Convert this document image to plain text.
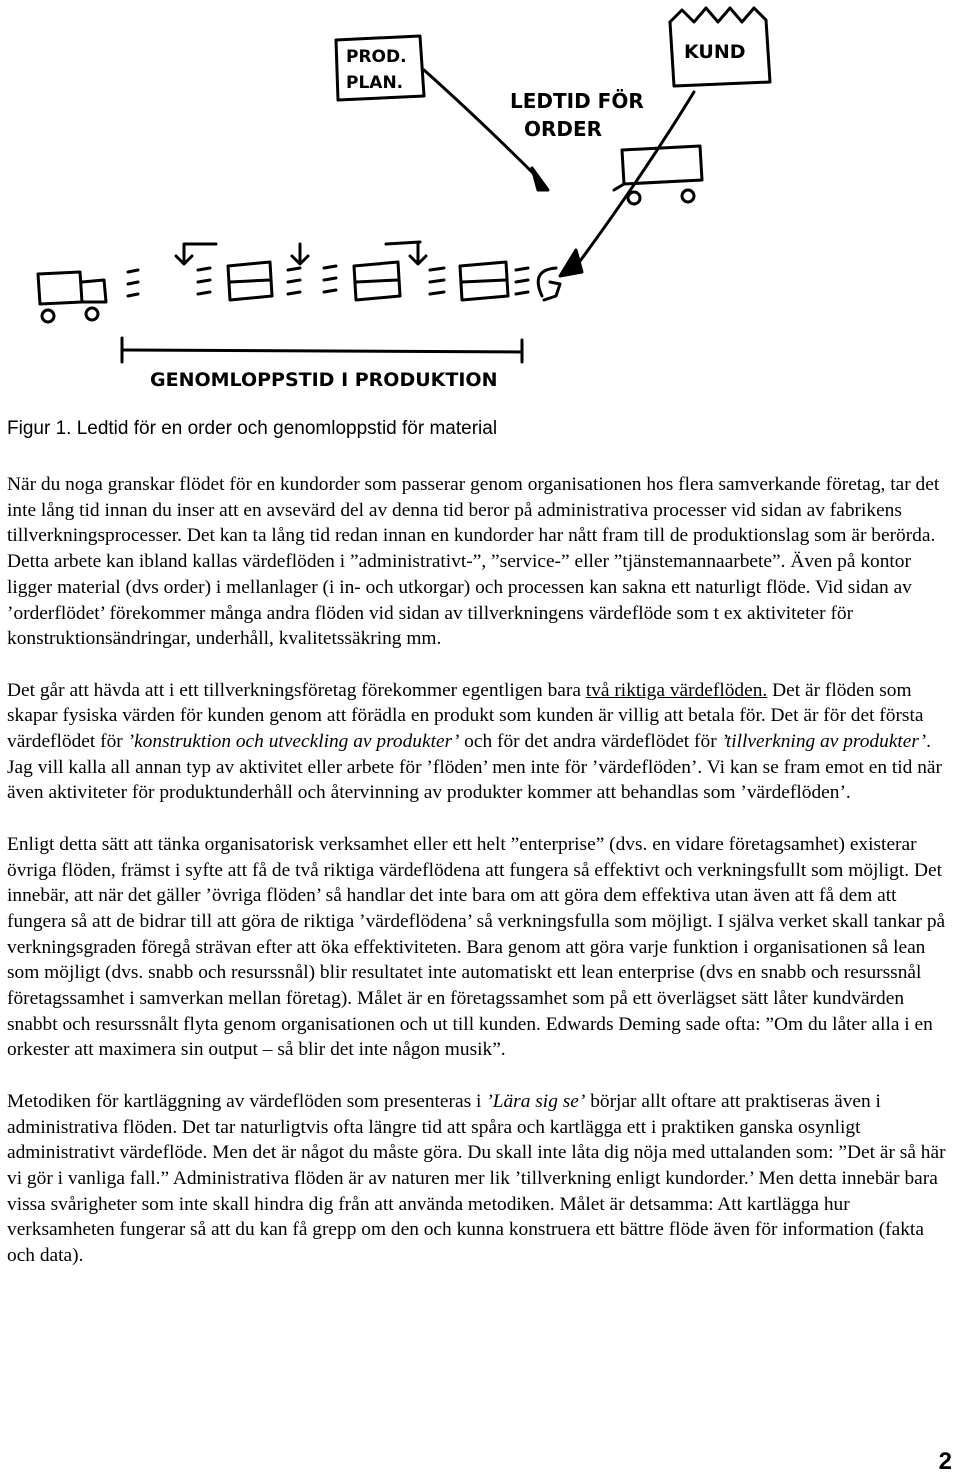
PROD.
PLAN.
KUND
LEDTID FÖR
ORDER
GENOMLOPPSTID I PRODUKTION
Figur 1. Ledtid för en order och genomloppstid för material

När du noga granskar flödet för en kundorder som passerar genom organisationen hos flera samverkande företag, tar det inte lång tid innan du inser att en avsevärd del av denna tid beror på administrativa processer vid sidan av fabrikens tillverkningsprocesser. Det kan ta lång tid redan innan en kundorder har nått fram till de produktionslag som är berörda. Detta arbete kan ibland kallas värdeflöden i ”administrativt-”, ”service-” eller ”tjänstemannaarbete”. Även på kontor ligger material (dvs order) i mellanlager (i in- och utkorgar) och processen kan sakna ett naturligt flöde. Vid sidan av ’orderflödet’ förekommer många andra flöden vid sidan av tillverkningens värdeflöde som t ex aktiviteter för konstruktionsändringar, underhåll, kvalitetssäkring mm.

Det går att hävda att i ett tillverkningsföretag förekommer egentligen bara två riktiga värdeflöden. Det är flöden som skapar fysiska värden för kunden genom att förädla en produkt som kunden är villig att betala för. Det är för det första värdeflödet för ’konstruktion och utveckling av produkter’ och för det andra värdeflödet för ’tillverkning av produkter’. Jag vill kalla all annan typ av aktivitet eller arbete för ’flöden’ men inte för ’värdeflöden’. Vi kan se fram emot en tid när även aktiviteter för produktunderhåll och återvinning av produkter kommer att behandlas som ’värdeflöden’.

Enligt detta sätt att tänka organisatorisk verksamhet eller ett helt ”enterprise” (dvs. en vidare företagsamhet) existerar övriga flöden, främst i syfte att få de två riktiga värdeflödena att fungera så effektivt och verkningsfullt som möjligt. Det innebär, att när det gäller ’övriga flöden’ så handlar det inte bara om att göra dem effektiva utan även att få dem att fungera så att de bidrar till att göra de riktiga ’värdeflödena’ så verkningsfulla som möjligt. I själva verket skall tankar på verkningsgraden föregå strävan efter att öka effektiviteten. Bara genom att göra varje funktion i organisationen så lean som möjligt (dvs. snabb och resurssnål) blir resultatet inte automatiskt ett lean enterprise (dvs en snabb och resurssnål företagssamhet i samverkan mellan företag). Målet är en företagssamhet som på ett överlägset sätt låter kundvärden snabbt och resurssnålt flyta genom organisationen och ut till kunden. Edwards Deming sade ofta: ”Om du låter alla i en orkester att maximera sin output – så blir det inte någon musik”.

Metodiken för kartläggning av värdeflöden som presenteras i ’Lära sig se’ börjar allt oftare att praktiseras även i administrativa flöden. Det tar naturligtvis ofta längre tid att spåra och kartlägga ett i praktiken ganska osynligt administrativt värdeflöde. Men det är något du måste göra. Du skall inte låta dig nöja med uttalanden som: ”Det är så här vi gör i vanliga fall.” Administrativa flöden är av naturen mer lik ’tillverkning enligt kundorder.’ Men detta innebär bara vissa svårigheter som inte skall hindra dig från att använda metodiken. Målet är detsamma: Att kartlägga hur verksamheten fungerar så att du kan få grepp om den och kunna konstruera ett bättre flöde även för information (fakta och data).

2
